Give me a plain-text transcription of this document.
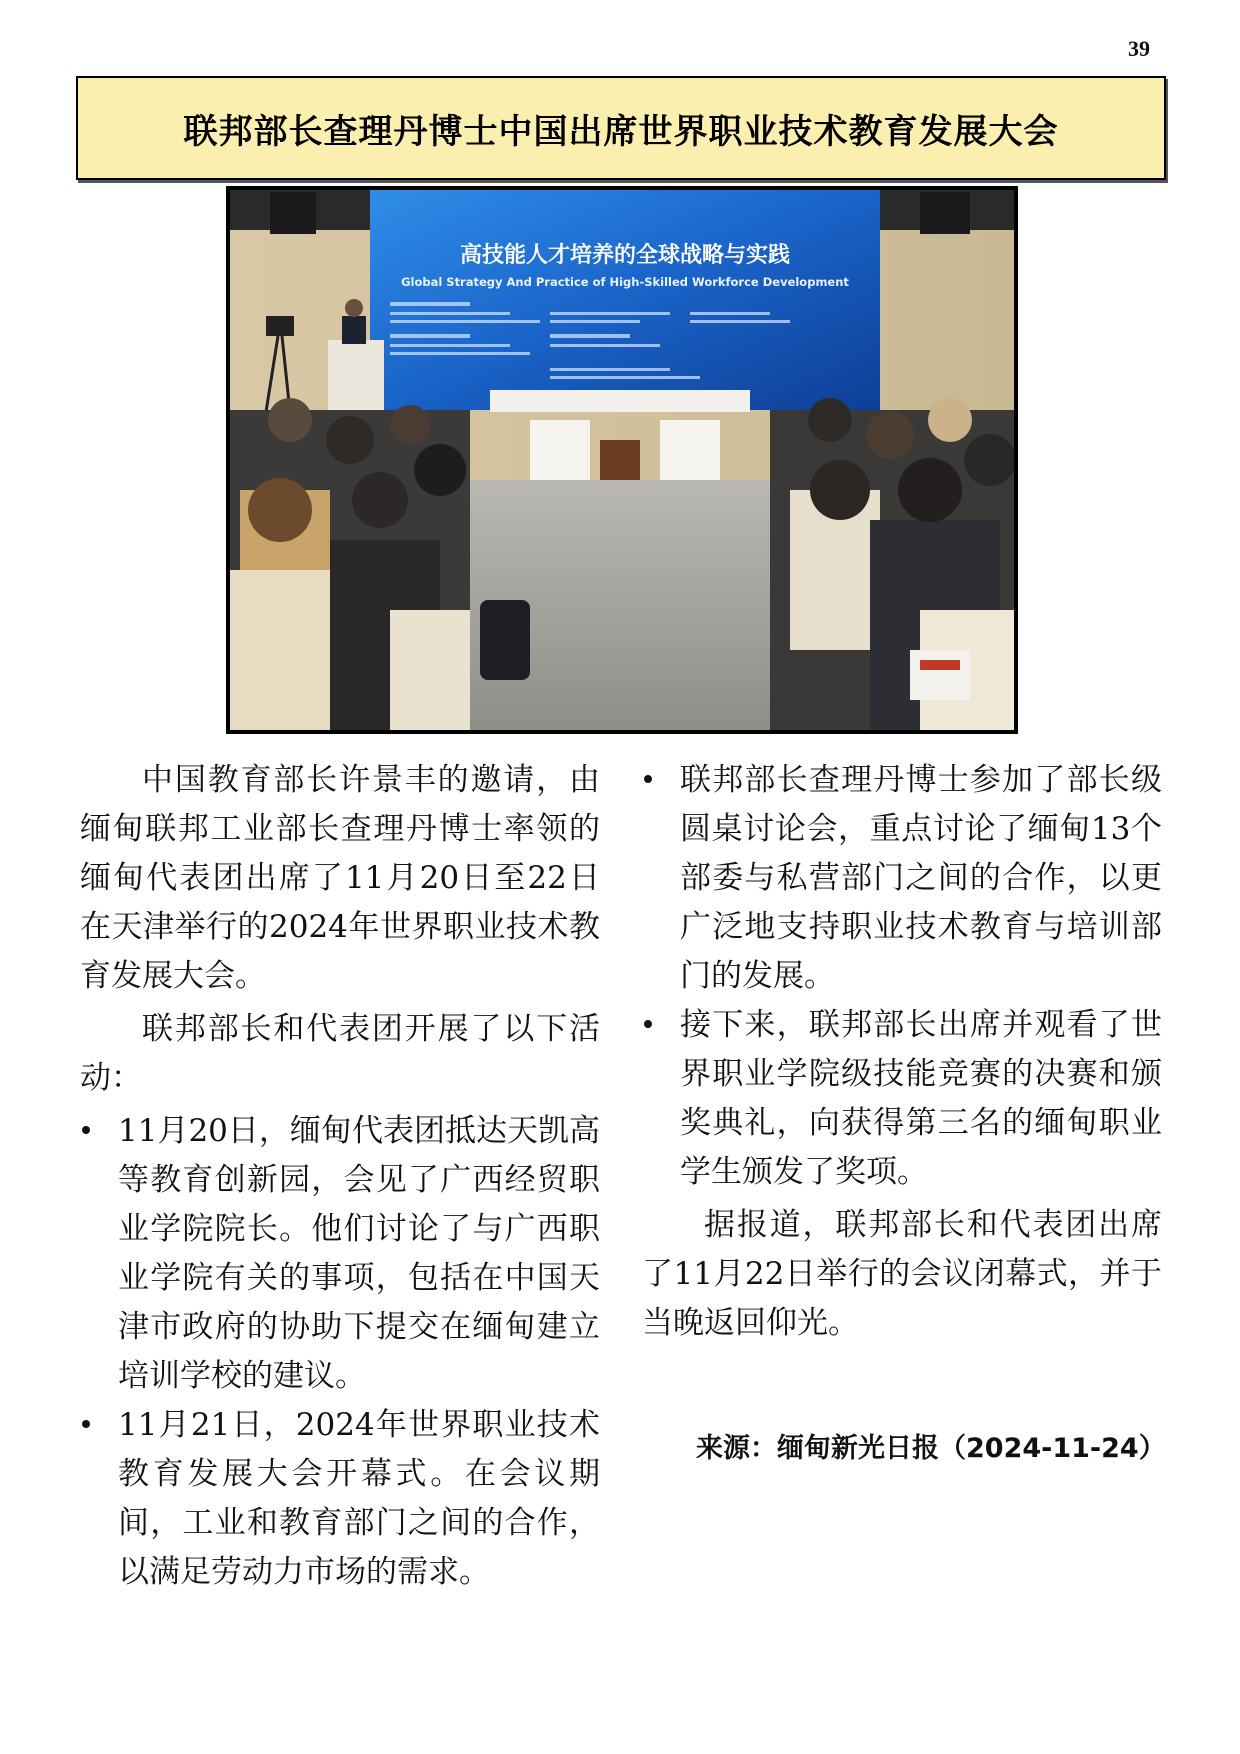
39
联邦部长查理丹博士中国出席世界职业技术教育发展大会
高技能人才培养的全球战略与实践
Global Strategy And Practice of High-Skilled Workforce Development

中国教育部长许景丰的邀请，由缅甸联邦工业部长查理丹博士率领的缅甸代表团出席了11月20日至22日在天津举行的2024年世界职业技术教育发展大会。

联邦部长和代表团开展了以下活动：

11月20日，缅甸代表团抵达天凯高等教育创新园，会见了广西经贸职业学院院长。他们讨论了与广西职业学院有关的事项，包括在中国天津市政府的协助下提交在缅甸建立培训学校的建议。
11月21日，2024年世界职业技术教育发展大会开幕式。在会议期间，工业和教育部门之间的合作，以满足劳动力市场的需求。
联邦部长查理丹博士参加了部长级圆桌讨论会，重点讨论了缅甸13个部委与私营部门之间的合作，以更广泛地支持职业技术教育与培训部门的发展。
接下来，联邦部长出席并观看了世界职业学院级技能竞赛的决赛和颁奖典礼，向获得第三名的缅甸职业学生颁发了奖项。

据报道，联邦部长和代表团出席了11月22日举行的会议闭幕式，并于当晚返回仰光。

来源：缅甸新光日报（2024-11-24）
